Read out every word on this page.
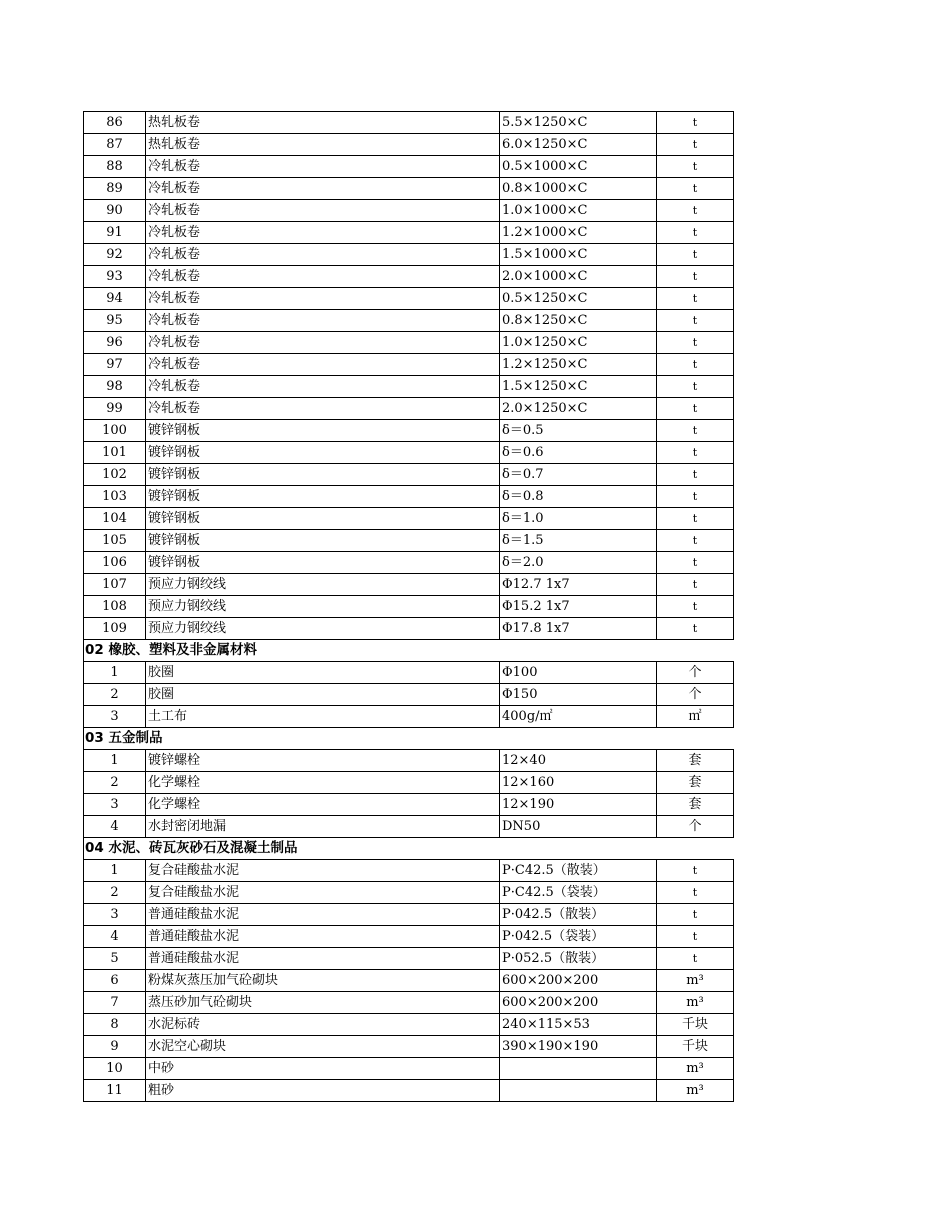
86	热轧板卷	5.5×1250×C	t
87	热轧板卷	6.0×1250×C	t
88	冷轧板卷	0.5×1000×C	t
89	冷轧板卷	0.8×1000×C	t
90	冷轧板卷	1.0×1000×C	t
91	冷轧板卷	1.2×1000×C	t
92	冷轧板卷	1.5×1000×C	t
93	冷轧板卷	2.0×1000×C	t
94	冷轧板卷	0.5×1250×C	t
95	冷轧板卷	0.8×1250×C	t
96	冷轧板卷	1.0×1250×C	t
97	冷轧板卷	1.2×1250×C	t
98	冷轧板卷	1.5×1250×C	t
99	冷轧板卷	2.0×1250×C	t
100	镀锌钢板	δ＝0.5	t
101	镀锌钢板	δ＝0.6	t
102	镀锌钢板	δ＝0.7	t
103	镀锌钢板	δ＝0.8	t
104	镀锌钢板	δ＝1.0	t
105	镀锌钢板	δ＝1.5	t
106	镀锌钢板	δ＝2.0	t
107	预应力钢绞线	Φ12.7 1x7	t
108	预应力钢绞线	Φ15.2 1x7	t
109	预应力钢绞线	Φ17.8 1x7	t
02 橡胶、塑料及非金属材料			
1	胶圈	Φ100	个
2	胶圈	Φ150	个
3	土工布	400g/㎡	㎡
03 五金制品			
1	镀锌螺栓	12×40	套
2	化学螺栓	12×160	套
3	化学螺栓	12×190	套
4	水封密闭地漏	DN50	个
04 水泥、砖瓦灰砂石及混凝土制品			
1	复合硅酸盐水泥	P·C42.5（散装）	t
2	复合硅酸盐水泥	P·C42.5（袋装）	t
3	普通硅酸盐水泥	P·042.5（散装）	t
4	普通硅酸盐水泥	P·042.5（袋装）	t
5	普通硅酸盐水泥	P·052.5（散装）	t
6	粉煤灰蒸压加气砼砌块	600×200×200	m³
7	蒸压砂加气砼砌块	600×200×200	m³
8	水泥标砖	240×115×53	千块
9	水泥空心砌块	390×190×190	千块
10	中砂		m³
11	粗砂		m³
